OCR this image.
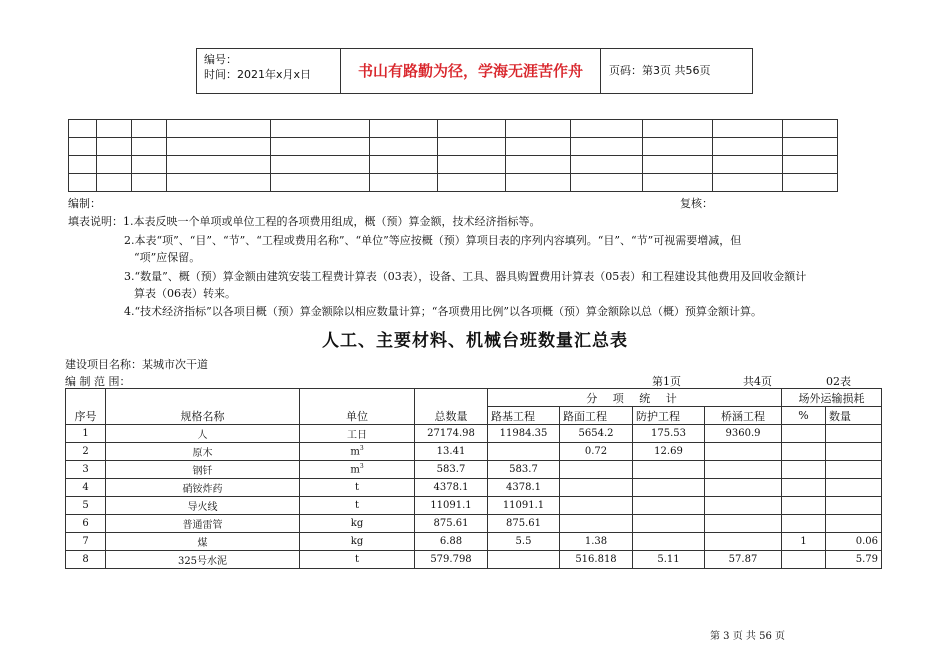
编号：
时间：2021年x月x日	书山有路勤为径，学海无涯苦作舟	页码：第3页 共56页

编制：	复核：
填表说明：1.本表反映一个单项或单位工程的各项费用组成，概（预）算金额，技术经济指标等。
2.本表“项”、“目”、“节”、“工程或费用名称”、“单位”等应按概（预）算项目表的序列内容填列。“目”、“节”可视需要增减，但
“项”应保留。
3.“数量”、概（预）算金额由建筑安装工程费计算表（03表），设备、工具、器具购置费用计算表（05表）和工程建设其他费用及回收金额计
算表（06表）转来。
4.“技术经济指标”以各项目概（预）算金额除以相应数量计算；“各项费用比例”以各项概（预）算金额除以总（概）预算金额计算。
人工、主要材料、机械台班数量汇总表
建设项目名称：某城市次干道
编 制 范 围：	第1页	共4页	02表
序号	规格名称	单位	总数量	分 项 统 计				场外运输损耗	
				路基工程	路面工程	防护工程	桥涵工程	%	数量
1	人	工日	27174.98	11984.35	5654.2	175.53	9360.9		
2	原木	$m^3$	13.41		0.72	12.69			
3	钢钎	$m^3$	583.7	583.7					
4	硝铵炸药	t	4378.1	4378.1					
5	导火线	t	11091.1	11091.1					
6	普通雷管	kg	875.61	875.61					
7	煤	kg	6.88	5.5	1.38			1	0.06
8	325号水泥	t	579.798		516.818	5.11	57.87		5.79
第 3 页 共 56 页
